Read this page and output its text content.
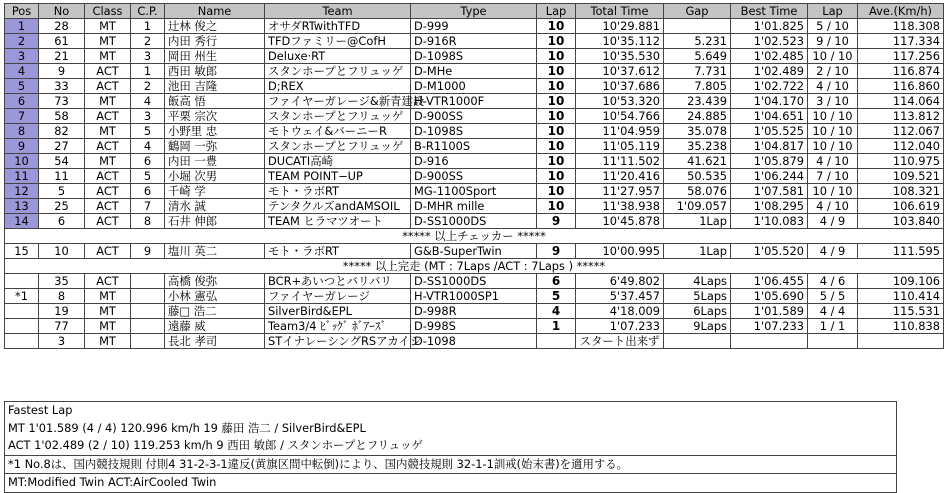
Pos	No	Class	C.P.	Name	Team	Type	Lap	Total Time	Gap	Best Time	Lap	Ave.(Km/h)
1	28	MT	1	辻林 俊之	オサダRTwithTFD	D-999	10	10'29.881		1'01.825	5 / 10	118.308
2	61	MT	2	内田 秀行	TFDファミリー@CofH	D-916R	10	10'35.112	5.231	1'02.523	9 / 10	117.334
3	21	MT	3	岡田 州生	Deluxe·RT	D-1098S	10	10'35.530	5.649	1'02.485	10 / 10	117.256
4	9	ACT	1	西田 敏郎	スタンホープとフリュッゲ	D-MHe	10	10'37.612	7.731	1'02.489	2 / 10	116.874
5	33	ACT	2	池田 吉隆	D;REX	D-M1000	10	10'37.686	7.805	1'02.722	4 / 10	116.860
6	73	MT	4	飯高 悟	ファイヤーガレージ&新青建設	H-VTR1000F	10	10'53.320	23.439	1'04.170	3 / 10	114.064
7	58	ACT	3	平栗 宗次	スタンホープとフリュッゲ	D-900SS	10	10'54.766	24.885	1'04.651	10 / 10	113.812
8	82	MT	5	小野里 忠	モトウェイ&バーニーR	D-1098S	10	11'04.959	35.078	1'05.525	10 / 10	112.067
9	27	ACT	4	鶴岡 一弥	スタンホープとフリュッゲ	B-R1100S	10	11'05.119	35.238	1'04.817	10 / 10	112.040
10	54	MT	6	内田 一豊	DUCATI高崎	D-916	10	11'11.502	41.621	1'05.879	4 / 10	110.975
11	11	ACT	5	小堀 次男	TEAM POINT−UP	D-900SS	10	11'20.416	50.535	1'06.244	7 / 10	109.521
12	5	ACT	6	千崎 学	モト・ラボRT	MG-1100Sport	10	11'27.957	58.076	1'07.581	10 / 10	108.321
13	25	ACT	7	清水 誠	テンタクルズandAMSOIL	D-MHR mille	10	11'38.938	1'09.057	1'08.295	4 / 10	106.619
14	6	ACT	8	石井 伸郎	TEAM ヒラマツオート	D-SS1000DS	9	10'45.878	1Lap	1'10.083	4 / 9	103.840
***** 以上チェッカー *****												
15	10	ACT	9	塩川 英二	モト・ラボRT	G&B-SuperTwin	9	10'00.995	1Lap	1'05.520	4 / 9	111.595
***** 以上完走 (MT : 7Laps /ACT : 7Laps ) *****												
	35	ACT		高橋 俊弥	BCR+あいつとバリバリ	D-SS1000DS	6	6'49.802	4Laps	1'06.455	4 / 6	109.106
*1	8	MT		小林 憲弘	ファイヤーガレージ	H-VTR1000SP1	5	5'37.457	5Laps	1'05.690	5 / 5	110.414
	19	MT		藤□ 浩二	SilverBird&EPL	D-998R	4	4'18.009	6Laps	1'01.589	4 / 4	115.531
	77	MT		遠藤 威	Team3/4 ﾋﾞｯｸﾞ ﾎﾞｱｰｽﾞ	D-998S	1	1'07.233	9Laps	1'07.233	1 / 1	110.838
	3	MT		長北 孝司	STイナレーシングRSアカイシ	D-1098		スタート出来ず				
Fastest Lap
MT 1'01.589 (4 / 4) 120.996 km/h 19 藤田 浩二 / SilverBird&EPL
ACT 1'02.489 (2 / 10) 119.253 km/h 9 西田 敏郎 / スタンホープとフリュッゲ
*1 No.8は、国内競技規則 付則4 31-2-3-1違反(黄旗区間中転倒)により、国内競技規則 32-1-1訓戒(始末書)を適用する。
MT:Modified Twin ACT:AirCooled Twin
